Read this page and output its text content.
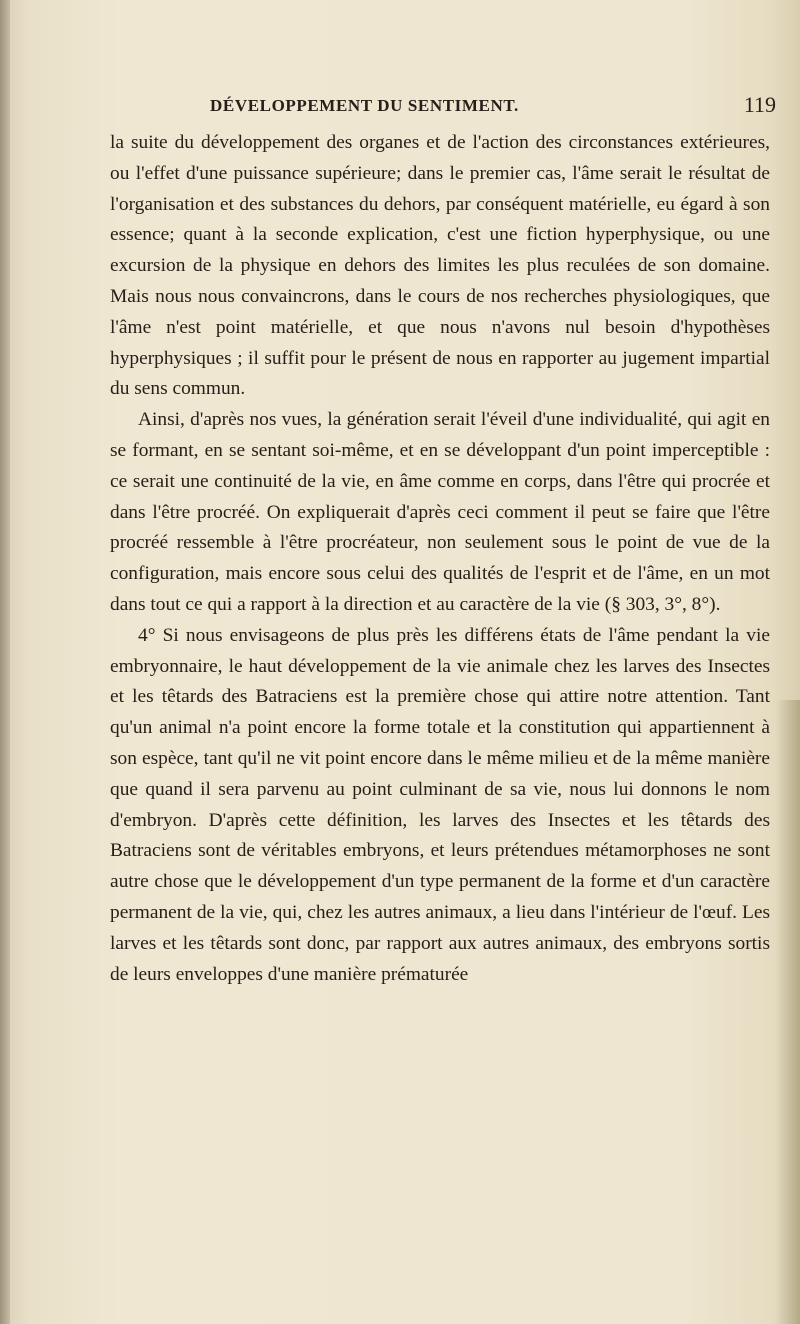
DÉVELOPPEMENT DU SENTIMENT.	119

la suite du développement des organes et de l'action des circonstances extérieures, ou l'effet d'une puissance supérieure; dans le premier cas, l'âme serait le résultat de l'organisation et des substances du dehors, par conséquent matérielle, eu égard à son essence; quant à la seconde explication, c'est une fiction hyperphysique, ou une excursion de la physique en dehors des limites les plus reculées de son domaine. Mais nous nous convaincrons, dans le cours de nos recherches physiologiques, que l'âme n'est point matérielle, et que nous n'avons nul besoin d'hypothèses hyperphysiques ; il suffit pour le présent de nous en rapporter au jugement impartial du sens commun.

Ainsi, d'après nos vues, la génération serait l'éveil d'une individualité, qui agit en se formant, en se sentant soi-même, et en se développant d'un point imperceptible : ce serait une continuité de la vie, en âme comme en corps, dans l'être qui procrée et dans l'être procréé. On expliquerait d'après ceci comment il peut se faire que l'être procréé ressemble à l'être procréateur, non seulement sous le point de vue de la configuration, mais encore sous celui des qualités de l'esprit et de l'âme, en un mot dans tout ce qui a rapport à la direction et au caractère de la vie (§ 303, 3°, 8°).

4° Si nous envisageons de plus près les différens états de l'âme pendant la vie embryonnaire, le haut développement de la vie animale chez les larves des Insectes et les têtards des Batraciens est la première chose qui attire notre attention. Tant qu'un animal n'a point encore la forme totale et la constitution qui appartiennent à son espèce, tant qu'il ne vit point encore dans le même milieu et de la même manière que quand il sera parvenu au point culminant de sa vie, nous lui donnons le nom d'embryon. D'après cette définition, les larves des Insectes et les têtards des Batraciens sont de véritables embryons, et leurs prétendues métamorphoses ne sont autre chose que le développement d'un type permanent de la forme et d'un caractère permanent de la vie, qui, chez les autres animaux, a lieu dans l'intérieur de l'œuf. Les larves et les têtards sont donc, par rapport aux autres animaux, des embryons sortis de leurs enveloppes d'une manière prématurée
